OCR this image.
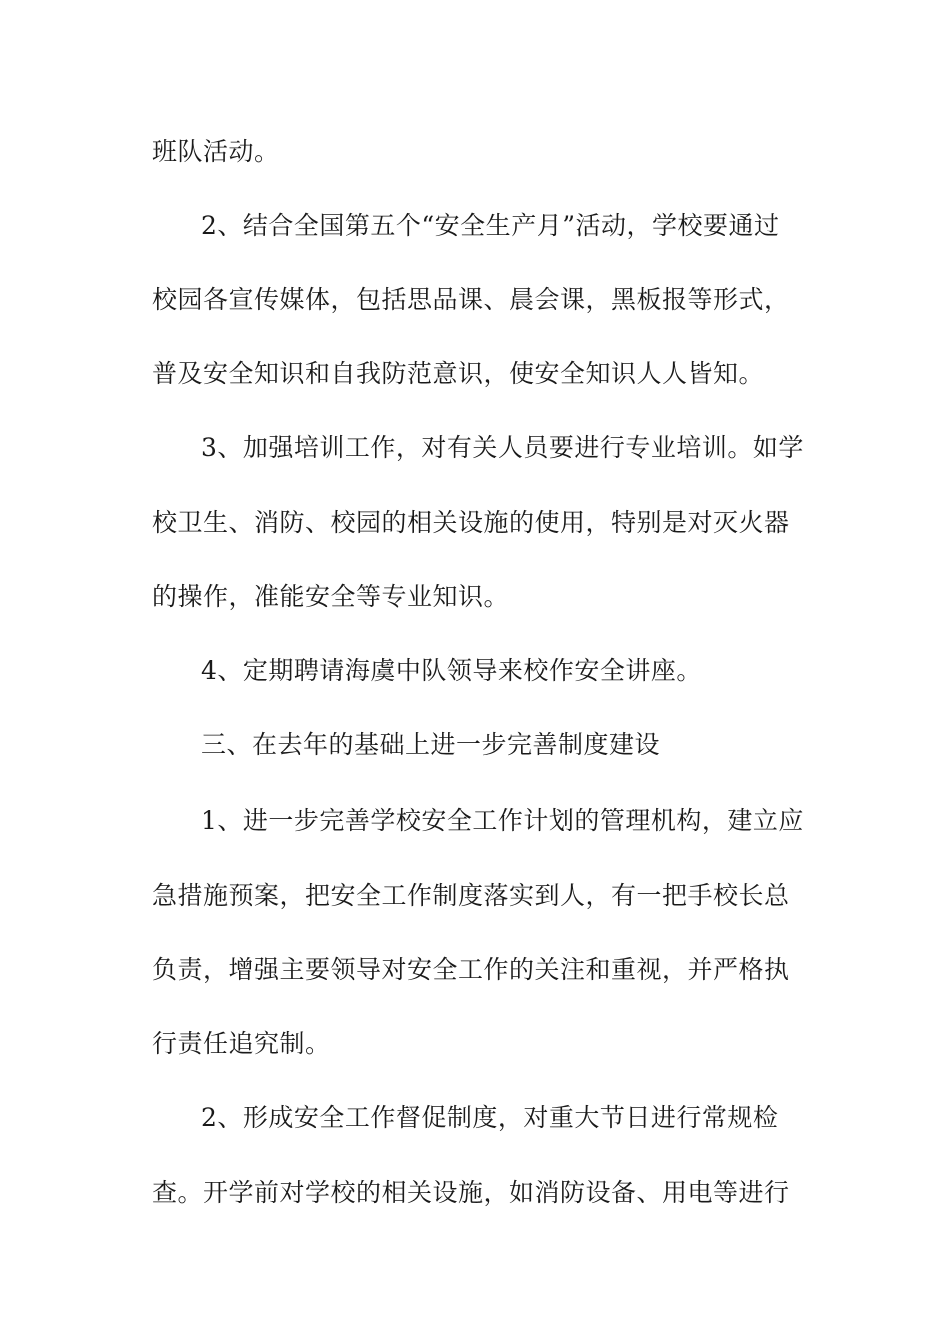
班队活动。

2、结合全国第五个“安全生产月”活动，学校要通过

校园各宣传媒体，包括思品课、晨会课，黑板报等形式，

普及安全知识和自我防范意识，使安全知识人人皆知。

3、加强培训工作，对有关人员要进行专业培训。如学

校卫生、消防、校园的相关设施的使用，特别是对灭火器

的操作，准能安全等专业知识。

4、定期聘请海虞中队领导来校作安全讲座。

三、在去年的基础上进一步完善制度建设

1、进一步完善学校安全工作计划的管理机构，建立应

急措施预案，把安全工作制度落实到人，有一把手校长总

负责，增强主要领导对安全工作的关注和重视，并严格执

行责任追究制。

2、形成安全工作督促制度，对重大节日进行常规检

查。开学前对学校的相关设施，如消防设备、用电等进行
